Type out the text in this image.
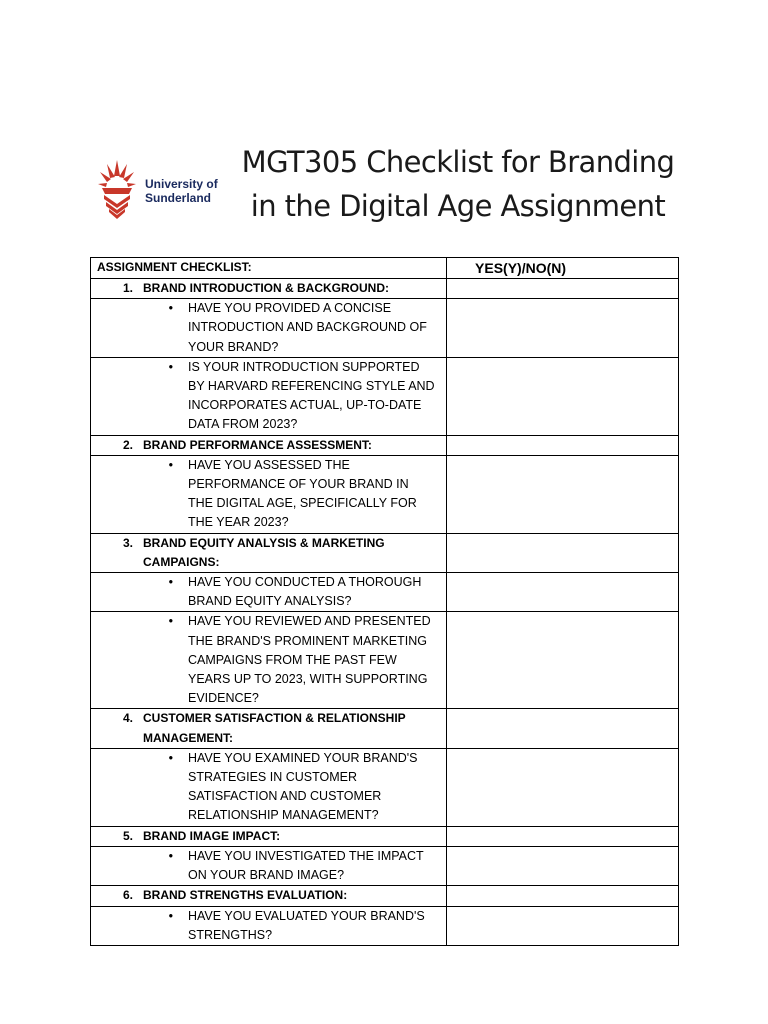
University of
Sunderland
MGT305 Checklist for Branding
in the Digital Age Assignment
ASSIGNMENT CHECKLIST:	YES(Y)/NO(N)

1. BRAND INTRODUCTION & BACKGROUND:	

• HAVE YOU PROVIDED A CONCISE INTRODUCTION AND BACKGROUND OF YOUR BRAND?	

• IS YOUR INTRODUCTION SUPPORTED BY HARVARD REFERENCING STYLE AND INCORPORATES ACTUAL, UP-TO-DATE DATA FROM 2023?	

2. BRAND PERFORMANCE ASSESSMENT:	

• HAVE YOU ASSESSED THE PERFORMANCE OF YOUR BRAND IN THE DIGITAL AGE, SPECIFICALLY FOR THE YEAR 2023?	

3. BRAND EQUITY ANALYSIS & MARKETING CAMPAIGNS:	

• HAVE YOU CONDUCTED A THOROUGH BRAND EQUITY ANALYSIS?	

• HAVE YOU REVIEWED AND PRESENTED THE BRAND'S PROMINENT MARKETING CAMPAIGNS FROM THE PAST FEW YEARS UP TO 2023, WITH SUPPORTING EVIDENCE?	

4. CUSTOMER SATISFACTION & RELATIONSHIP MANAGEMENT:	

• HAVE YOU EXAMINED YOUR BRAND'S STRATEGIES IN CUSTOMER SATISFACTION AND CUSTOMER RELATIONSHIP MANAGEMENT?	

5. BRAND IMAGE IMPACT:	

• HAVE YOU INVESTIGATED THE IMPACT ON YOUR BRAND IMAGE?	

6. BRAND STRENGTHS EVALUATION:	

• HAVE YOU EVALUATED YOUR BRAND'S STRENGTHS?	
